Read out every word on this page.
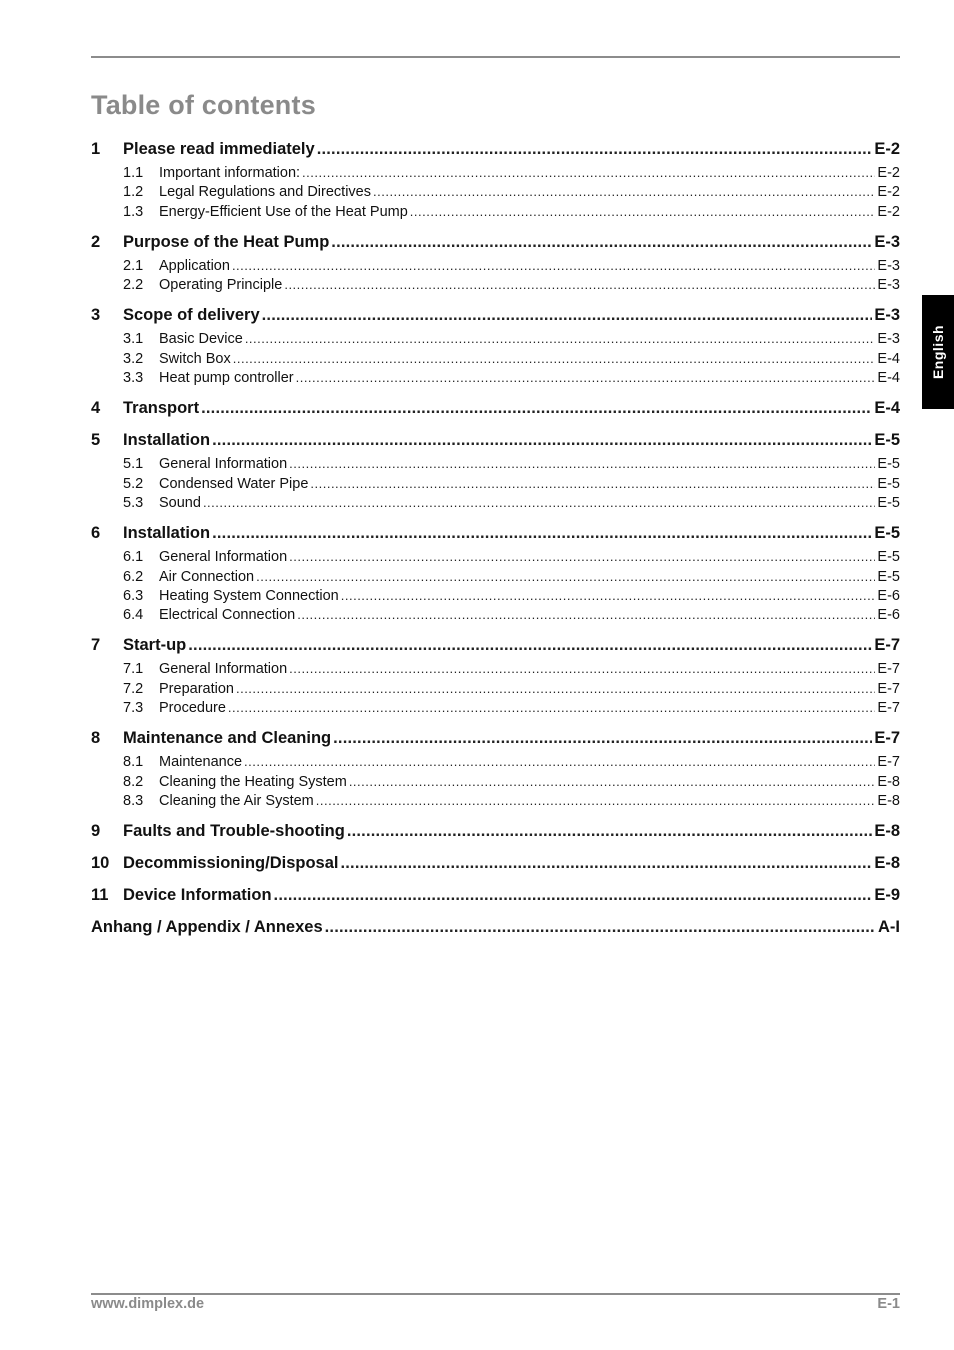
Table of contents
1	Please read immediately .....	E-2
1.1	Important information: .....	E-2
1.2	Legal Regulations and Directives .....	E-2
1.3	Energy-Efficient Use of the Heat Pump .....	E-2
2	Purpose of the Heat Pump .....	E-3
2.1	Application .....	E-3
2.2	Operating Principle .....	E-3
3	Scope of delivery .....	E-3
3.1	Basic Device .....	E-3
3.2	Switch Box .....	E-4
3.3	Heat pump controller .....	E-4
4	Transport .....	E-4
5	Installation .....	E-5
5.1	General Information .....	E-5
5.2	Condensed Water Pipe .....	E-5
5.3	Sound .....	E-5
6	Installation .....	E-5
6.1	General Information .....	E-5
6.2	Air Connection .....	E-5
6.3	Heating System Connection .....	E-6
6.4	Electrical Connection .....	E-6
7	Start-up .....	E-7
7.1	General Information .....	E-7
7.2	Preparation .....	E-7
7.3	Procedure .....	E-7
8	Maintenance and Cleaning .....	E-7
8.1	Maintenance .....	E-7
8.2	Cleaning the Heating System .....	E-8
8.3	Cleaning the Air System .....	E-8
9	Faults and Trouble-shooting .....	E-8
10 Decommissioning/Disposal .....	E-8
11 Device Information .....	E-9
Anhang / Appendix / Annexes .....	A-I
English
www.dimplex.de	E-1
